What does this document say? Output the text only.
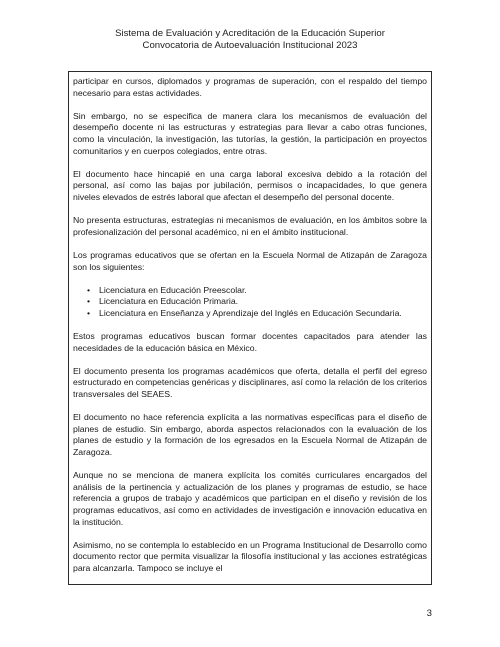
Sistema de Evaluación y Acreditación de la Educación Superior
Convocatoria de Autoevaluación Institucional 2023

participar en cursos, diplomados y programas de superación, con el respaldo del tiempo necesario para estas actividades.

Sin embargo, no se especifica de manera clara los mecanismos de evaluación del desempeño docente ni las estructuras y estrategias para llevar a cabo otras funciones, como la vinculación, la investigación, las tutorías, la gestión, la participación en proyectos comunitarios y en cuerpos colegiados, entre otras.

El documento hace hincapié en una carga laboral excesiva debido a la rotación del personal, así como las bajas por jubilación, permisos o incapacidades, lo que genera niveles elevados de estrés laboral que afectan el desempeño del personal docente.

No presenta estructuras, estrategias ni mecanismos de evaluación, en los ámbitos sobre la profesionalización del personal académico, ni en el ámbito institucional.

Los programas educativos que se ofertan en la Escuela Normal de Atizapán de Zaragoza son los siguientes:

• Licenciatura en Educación Preescolar.
• Licenciatura en Educación Primaria.
• Licenciatura en Enseñanza y Aprendizaje del Inglés en Educación Secundaria.

Estos programas educativos buscan formar docentes capacitados para atender las necesidades de la educación básica en México.

El documento presenta los programas académicos que oferta, detalla el perfil del egreso estructurado en competencias genéricas y disciplinares, así como la relación de los criterios transversales del SEAES.

El documento no hace referencia explícita a las normativas específicas para el diseño de planes de estudio. Sin embargo, aborda aspectos relacionados con la evaluación de los planes de estudio y la formación de los egresados en la Escuela Normal de Atizapán de Zaragoza.

Aunque no se menciona de manera explícita los comités curriculares encargados del análisis de la pertinencia y actualización de los planes y programas de estudio, se hace referencia a grupos de trabajo y académicos que participan en el diseño y revisión de los programas educativos, así como en actividades de investigación e innovación educativa en la institución.

Asimismo, no se contempla lo establecido en un Programa Institucional de Desarrollo como documento rector que permita visualizar la filosofía institucional y las acciones estratégicas para alcanzarla. Tampoco se incluye el

3
